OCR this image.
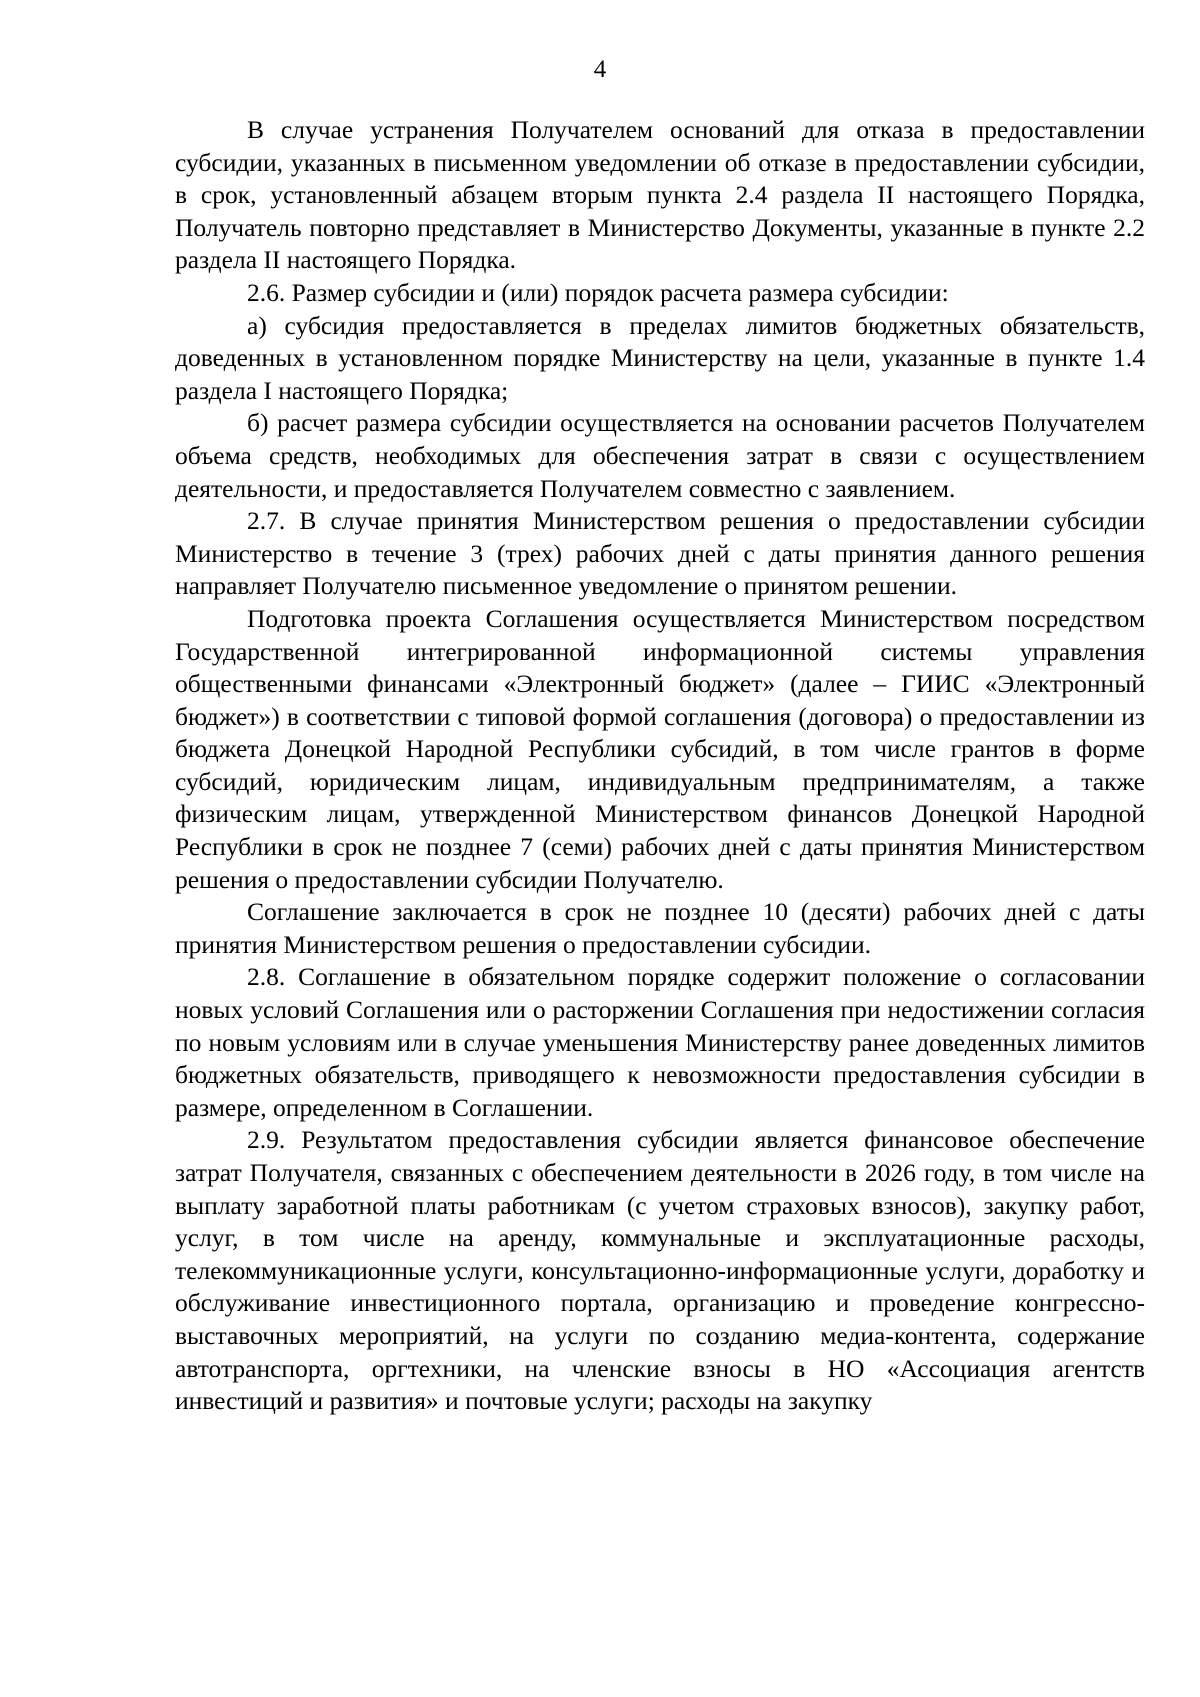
4

В случае устранения Получателем оснований для отказа в предоставлении субсидии, указанных в письменном уведомлении об отказе в предоставлении субсидии, в срок, установленный абзацем вторым пункта 2.4 раздела II настоящего Порядка, Получатель повторно представляет в Министерство Документы, указанные в пункте 2.2 раздела II настоящего Порядка.

2.6. Размер субсидии и (или) порядок расчета размера субсидии:

а) субсидия предоставляется в пределах лимитов бюджетных обязательств, доведенных в установленном порядке Министерству на цели, указанные в пункте 1.4 раздела I настоящего Порядка;

б) расчет размера субсидии осуществляется на основании расчетов Получателем объема средств, необходимых для обеспечения затрат в связи с осуществлением деятельности, и предоставляется Получателем совместно с заявлением.

2.7. В случае принятия Министерством решения о предоставлении субсидии Министерство в течение 3 (трех) рабочих дней с даты принятия данного решения направляет Получателю письменное уведомление о принятом решении.

Подготовка проекта Соглашения осуществляется Министерством посредством Государственной интегрированной информационной системы управления общественными финансами «Электронный бюджет» (далее – ГИИС «Электронный бюджет») в соответствии с типовой формой соглашения (договора) о предоставлении из бюджета Донецкой Народной Республики субсидий, в том числе грантов в форме субсидий, юридическим лицам, индивидуальным предпринимателям, а также физическим лицам, утвержденной Министерством финансов Донецкой Народной Республики в срок не позднее 7 (семи) рабочих дней с даты принятия Министерством решения о предоставлении субсидии Получателю.

Соглашение заключается в срок не позднее 10 (десяти) рабочих дней с даты принятия Министерством решения о предоставлении субсидии.

2.8. Соглашение в обязательном порядке содержит положение о согласовании новых условий Соглашения или о расторжении Соглашения при недостижении согласия по новым условиям или в случае уменьшения Министерству ранее доведенных лимитов бюджетных обязательств, приводящего к невозможности предоставления субсидии в размере, определенном в Соглашении.

2.9. Результатом предоставления субсидии является финансовое обеспечение затрат Получателя, связанных с обеспечением деятельности в 2026 году, в том числе на выплату заработной платы работникам (с учетом страховых взносов), закупку работ, услуг, в том числе на аренду, коммунальные и эксплуатационные расходы, телекоммуникационные услуги, консультационно-информационные услуги, доработку и обслуживание инвестиционного портала, организацию и проведение конгрессно-выставочных мероприятий, на услуги по созданию медиа-контента, содержание автотранспорта, оргтехники, на членские взносы в НО «Ассоциация агентств инвестиций и развития» и почтовые услуги; расходы на закупку
